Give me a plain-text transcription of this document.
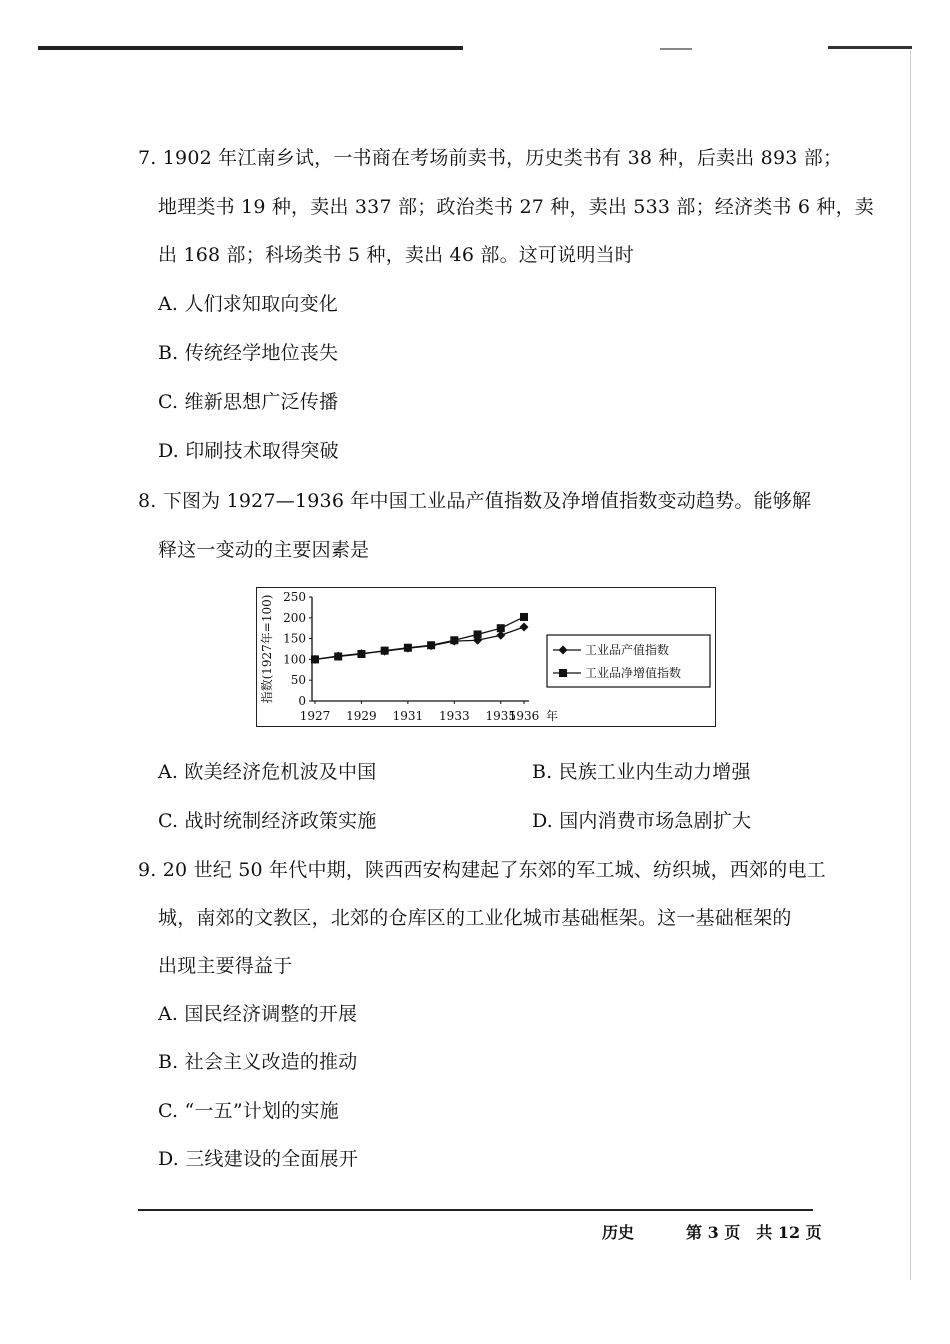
7. 1902 年江南乡试，一书商在考场前卖书，历史类书有 38 种，后卖出 893 部；
地理类书 19 种，卖出 337 部；政治类书 27 种，卖出 533 部；经济类书 6 种，卖
出 168 部；科场类书 5 种，卖出 46 部。这可说明当时
A. 人们求知取向变化
B. 传统经学地位丧失
C. 维新思想广泛传播
D. 印刷技术取得突破
8. 下图为 1927—1936 年中国工业品产值指数及净增值指数变动趋势。能够解
释这一变动的主要因素是
0
50
100
150
200
250
1927 1929 1931 1933 1935
1936 年
指数(1927年=100)	工业品产值指数
工业品净增值指数
A. 欧美经济危机波及中国	B. 民族工业内生动力增强
C. 战时统制经济政策实施	D. 国内消费市场急剧扩大
9. 20 世纪 50 年代中期，陕西西安构建起了东郊的军工城、纺织城，西郊的电工
城，南郊的文教区，北郊的仓库区的工业化城市基础框架。这一基础框架的
出现主要得益于
A. 国民经济调整的开展
B. 社会主义改造的推动
C. “一五”计划的实施
D. 三线建设的全面展开
历史	第 3 页　共 12 页
